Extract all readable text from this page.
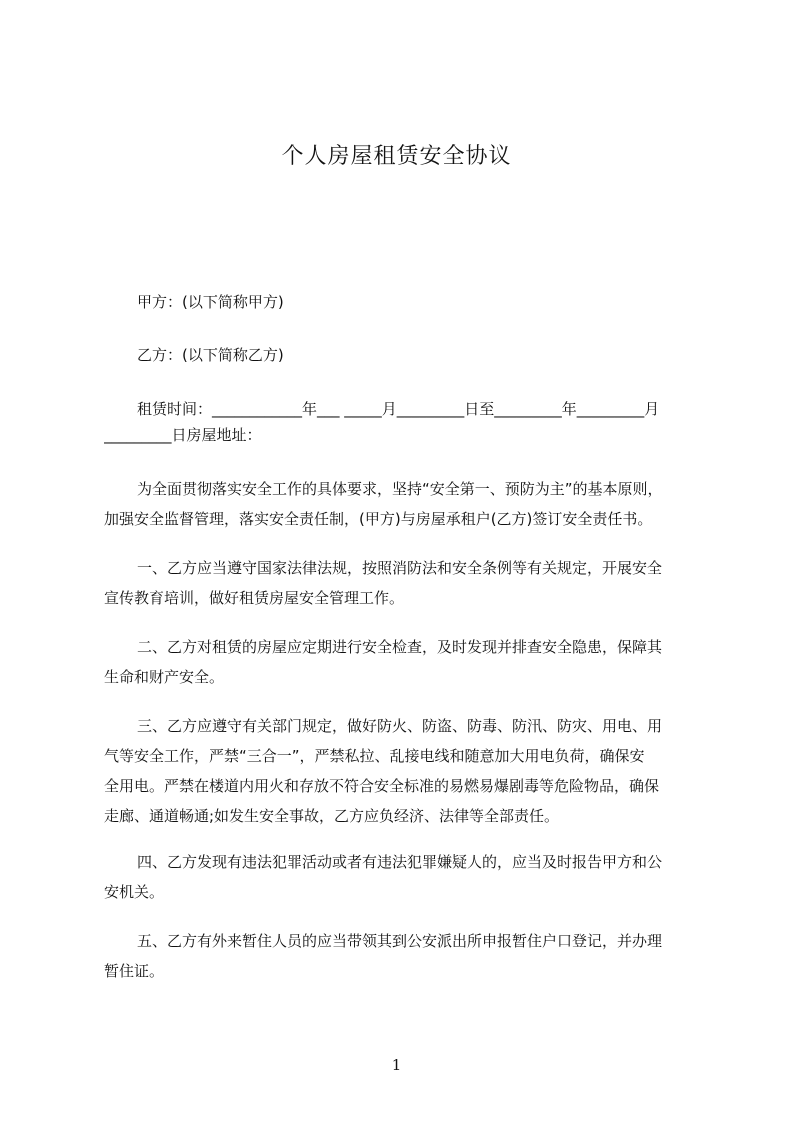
个人房屋租赁安全协议
甲方：(以下简称甲方)
乙方：(以下简称乙方)
租赁时间：____________年___ _____月_________日至_________年_________月
_________日房屋地址：
为全面贯彻落实安全工作的具体要求，坚持“安全第一、预防为主”的基本原则，
加强安全监督管理，落实安全责任制，(甲方)与房屋承租户(乙方)签订安全责任书。
一、乙方应当遵守国家法律法规，按照消防法和安全条例等有关规定，开展安全
宣传教育培训，做好租赁房屋安全管理工作。
二、乙方对租赁的房屋应定期进行安全检查，及时发现并排查安全隐患，保障其
生命和财产安全。
三、乙方应遵守有关部门规定，做好防火、防盗、防毒、防汛、防灾、用电、用
气等安全工作，严禁“三合一”，严禁私拉、乱接电线和随意加大用电负荷，确保安
全用电。严禁在楼道内用火和存放不符合安全标准的易燃易爆剧毒等危险物品，确保
走廊、通道畅通;如发生安全事故，乙方应负经济、法律等全部责任。
四、乙方发现有违法犯罪活动或者有违法犯罪嫌疑人的，应当及时报告甲方和公
安机关。
五、乙方有外来暂住人员的应当带领其到公安派出所申报暂住户口登记，并办理
暂住证。
1
